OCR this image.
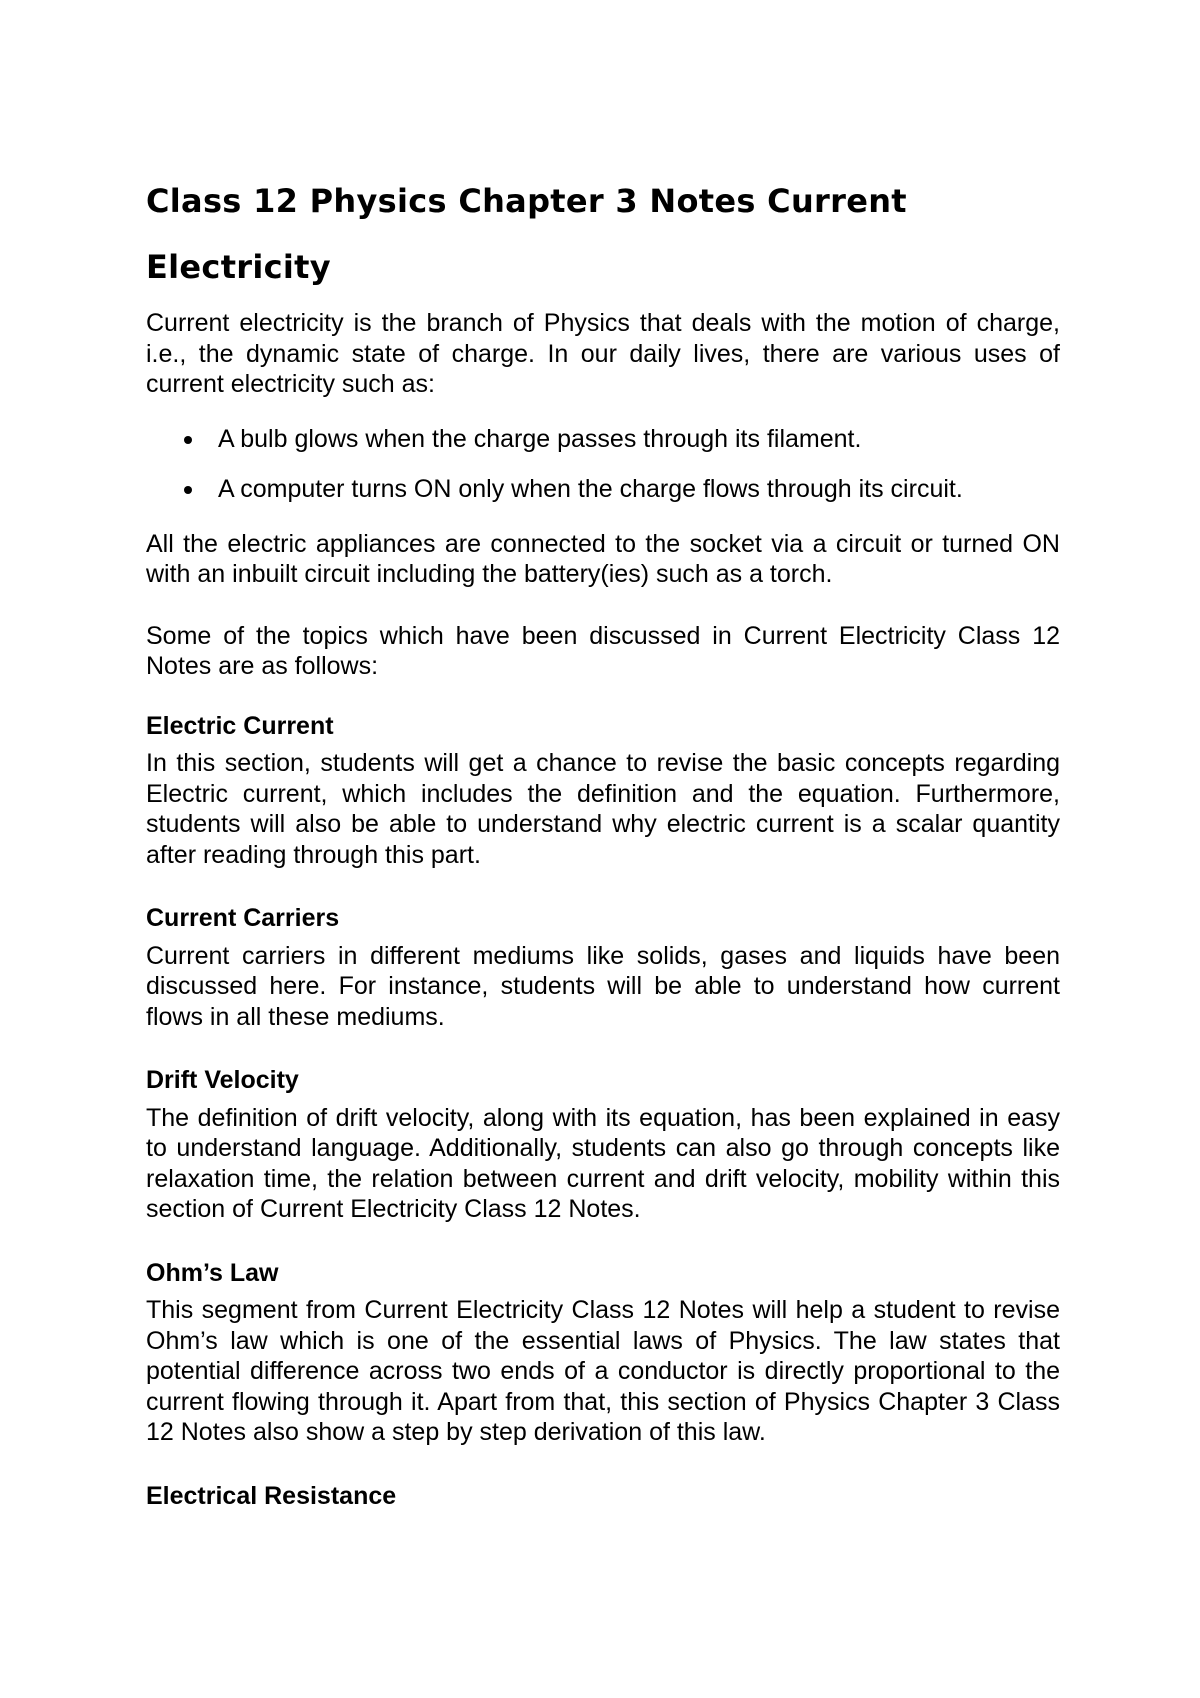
Class 12 Physics Chapter 3 Notes Current Electricity

Current electricity is the branch of Physics that deals with the motion of charge, i.e., the dynamic state of charge. In our daily lives, there are various uses of current electricity such as:

A bulb glows when the charge passes through its filament.
A computer turns ON only when the charge flows through its circuit.

All the electric appliances are connected to the socket via a circuit or turned ON with an inbuilt circuit including the battery(ies) such as a torch.

Some of the topics which have been discussed in Current Electricity Class 12 Notes are as follows:

Electric Current

In this section, students will get a chance to revise the basic concepts regarding Electric current, which includes the definition and the equation. Furthermore, students will also be able to understand why electric current is a scalar quantity after reading through this part.

Current Carriers

Current carriers in different mediums like solids, gases and liquids have been discussed here. For instance, students will be able to understand how current flows in all these mediums.

Drift Velocity

The definition of drift velocity, along with its equation, has been explained in easy to understand language. Additionally, students can also go through concepts like relaxation time, the relation between current and drift velocity, mobility within this section of Current Electricity Class 12 Notes.

Ohm’s Law

This segment from Current Electricity Class 12 Notes will help a student to revise Ohm’s law which is one of the essential laws of Physics. The law states that potential difference across two ends of a conductor is directly proportional to the current flowing through it. Apart from that, this section of Physics Chapter 3 Class 12 Notes also show a step by step derivation of this law.

Electrical Resistance
